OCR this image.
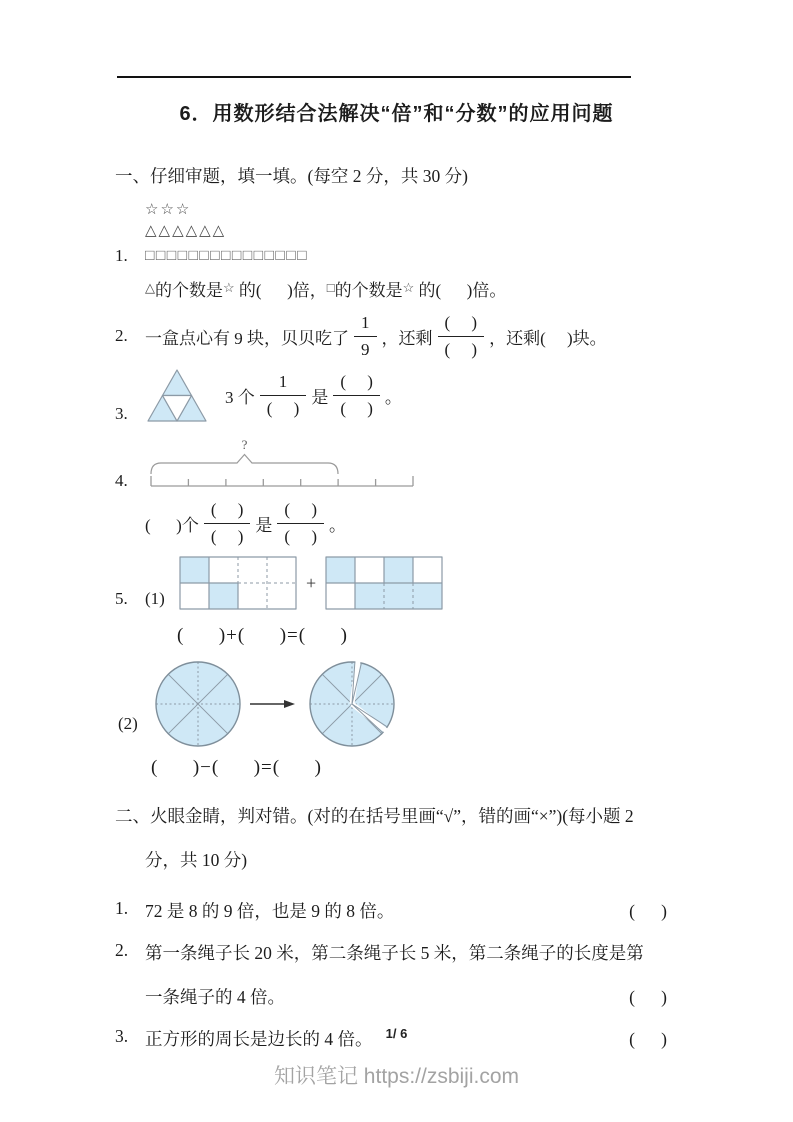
6．用数形结合法解决“倍”和“分数”的应用问题
一、仔细审题，填一填。(每空 2 分，共 30 分)
☆☆☆
△△△△△△
1.	□□□□□□□□□□□□□□□
△的个数是☆ 的(      )倍，□的个数是☆ 的(      )倍。
2.	一盒点心有 9 块，贝贝吃了 $\frac{1}{9}$ ，还剩 $\frac{( )}{( )}$ ，还剩(     )块。
3.
3 个 $\frac{1}{( )}$ 是 $\frac{( )}{( )}$ 。
4.
?
(      )个 $\frac{( )}{( )}$ 是 $\frac{( )}{( )}$ 。
5.	(1)
+
(      )+(      )=(      )
(2)
(      )−(      )=(      )
二、火眼金睛，判对错。(对的在括号里画“√”，错的画“×”)(每小题 2
分，共 10 分)
1. 72 是 8 的 9 倍，也是 9 的 8 倍。	(      )
2. 第一条绳子长 20 米，第二条绳子长 5 米，第二条绳子的长度是第
一条绳子的 4 倍。	(      )
3. 正方形的周长是边长的 4 倍。	(      )
1/ 6
知识笔记 https://zsbiji.com
